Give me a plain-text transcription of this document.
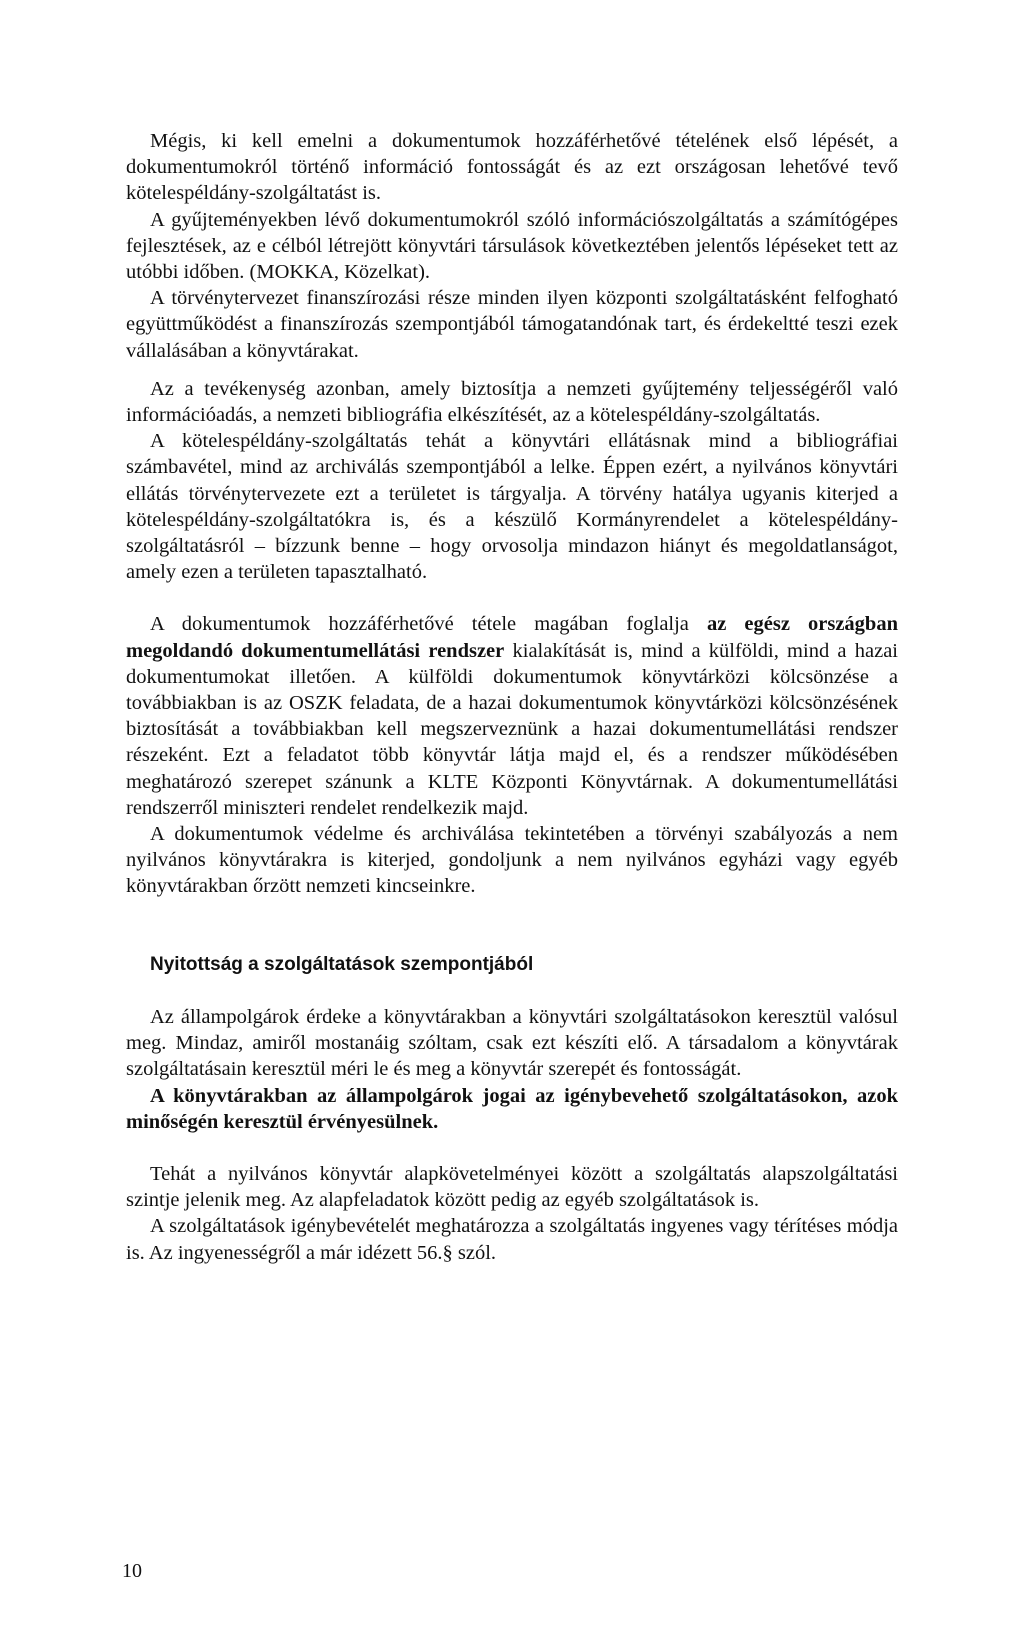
Mégis, ki kell emelni a dokumentumok hozzáférhetővé tételének első lépését, a dokumentumokról történő információ fontosságát és az ezt országosan lehetővé tevő kötelespéldány-szolgáltatást is.

A gyűjteményekben lévő dokumentumokról szóló információszolgáltatás a számítógépes fejlesztések, az e célból létrejött könyvtári társulások következtében jelentős lépéseket tett az utóbbi időben. (MOKKA, Közelkat).

A törvénytervezet finanszírozási része minden ilyen központi szolgáltatásként felfogható együttműködést a finanszírozás szempontjából támogatandónak tart, és érdekeltté teszi ezek vállalásában a könyvtárakat.

Az a tevékenység azonban, amely biztosítja a nemzeti gyűjtemény teljességéről való információadás, a nemzeti bibliográfia elkészítését, az a kötelespéldány-szolgáltatás.

A kötelespéldány-szolgáltatás tehát a könyvtári ellátásnak mind a bibliográfiai számbavétel, mind az archiválás szempontjából a lelke. Éppen ezért, a nyilvános könyvtári ellátás törvénytervezete ezt a területet is tárgyalja. A törvény hatálya ugyanis kiterjed a kötelespéldány-szolgáltatókra is, és a készülő Kormányrendelet a kötelespéldány-szolgáltatásról – bízzunk benne – hogy orvosolja mindazon hiányt és megoldatlanságot, amely ezen a területen tapasztalható.

A dokumentumok hozzáférhetővé tétele magában foglalja az egész országban megoldandó dokumentumellátási rendszer kialakítását is, mind a külföldi, mind a hazai dokumentumokat illetően. A külföldi dokumentumok könyvtárközi kölcsönzése a továbbiakban is az OSZK feladata, de a hazai dokumentumok könyvtárközi kölcsönzésének biztosítását a továbbiakban kell megszerveznünk a hazai dokumentumellátási rendszer részeként. Ezt a feladatot több könyvtár látja majd el, és a rendszer működésében meghatározó szerepet szánunk a KLTE Központi Könyvtárnak. A dokumentumellátási rendszerről miniszteri rendelet rendelkezik majd.

A dokumentumok védelme és archiválása tekintetében a törvényi szabályozás a nem nyilvános könyvtárakra is kiterjed, gondoljunk a nem nyilvános egyházi vagy egyéb könyvtárakban őrzött nemzeti kincseinkre.

Nyitottság a szolgáltatások szempontjából

Az állampolgárok érdeke a könyvtárakban a könyvtári szolgáltatásokon keresztül valósul meg. Mindaz, amiről mostanáig szóltam, csak ezt készíti elő. A társadalom a könyvtárak szolgáltatásain keresztül méri le és meg a könyvtár szerepét és fontosságát.

A könyvtárakban az állampolgárok jogai az igénybevehető szolgáltatásokon, azok minőségén keresztül érvényesülnek.

Tehát a nyilvános könyvtár alapkövetelményei között a szolgáltatás alapszolgáltatási szintje jelenik meg. Az alapfeladatok között pedig az egyéb szolgáltatások is.

A szolgáltatások igénybevételét meghatározza a szolgáltatás ingyenes vagy térítéses módja is. Az ingyenességről a már idézett 56.§ szól.

10
